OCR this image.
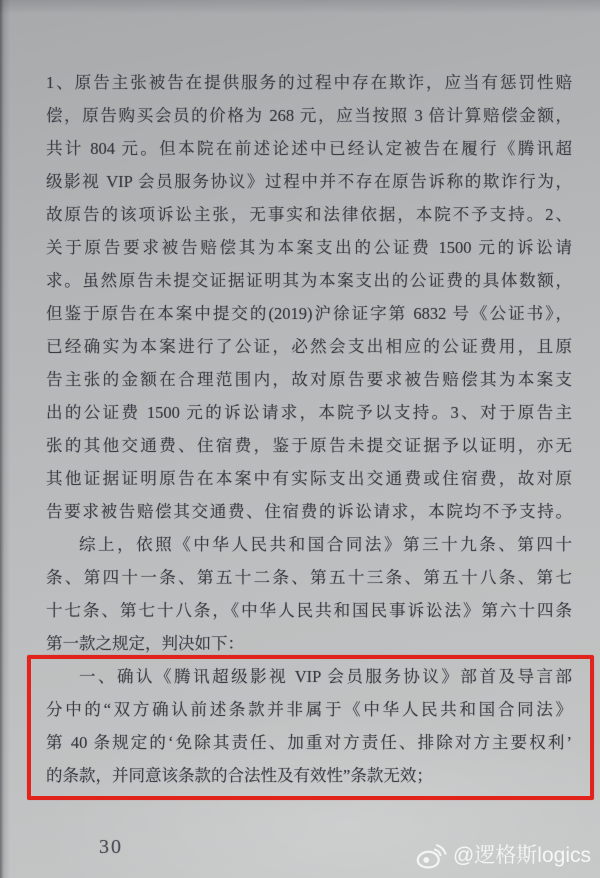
1、原告主张被告在提供服务的过程中存在欺诈，应当有惩罚性赔
偿，原告购买会员的价格为 268 元，应当按照 3 倍计算赔偿金额，
共计 804 元。但本院在前述论述中已经认定被告在履行《腾讯超
级影视 VIP 会员服务协议》过程中并不存在原告诉称的欺诈行为，
故原告的该项诉讼主张，无事实和法律依据，本院不予支持。2、
关于原告要求被告赔偿其为本案支出的公证费 1500 元的诉讼请
求。虽然原告未提交证据证明其为本案支出的公证费的具体数额，
但鉴于原告在本案中提交的(2019)沪徐证字第 6832 号《公证书》，
已经确实为本案进行了公证，必然会支出相应的公证费用，且原
告主张的金额在合理范围内，故对原告要求被告赔偿其为本案支
出的公证费 1500 元的诉讼请求，本院予以支持。3、对于原告主
张的其他交通费、住宿费，鉴于原告未提交证据予以证明，亦无
其他证据证明原告在本案中有实际支出交通费或住宿费，故对原
告要求被告赔偿其交通费、住宿费的诉讼请求，本院均不予支持。
综上，依照《中华人民共和国合同法》第三十九条、第四十
条、第四十一条、第五十二条、第五十三条、第五十八条、第七
十七条、第七十八条，《中华人民共和国民事诉讼法》第六十四条
第一款之规定，判决如下：
一、确认《腾讯超级影视 VIP 会员服务协议》部首及导言部
分中的“双方确认前述条款并非属于《中华人民共和国合同法》
第 40 条规定的‘免除其责任、加重对方责任、排除对方主要权利’
的条款，并同意该条款的合法性及有效性”条款无效；
30	@逻格斯logics
